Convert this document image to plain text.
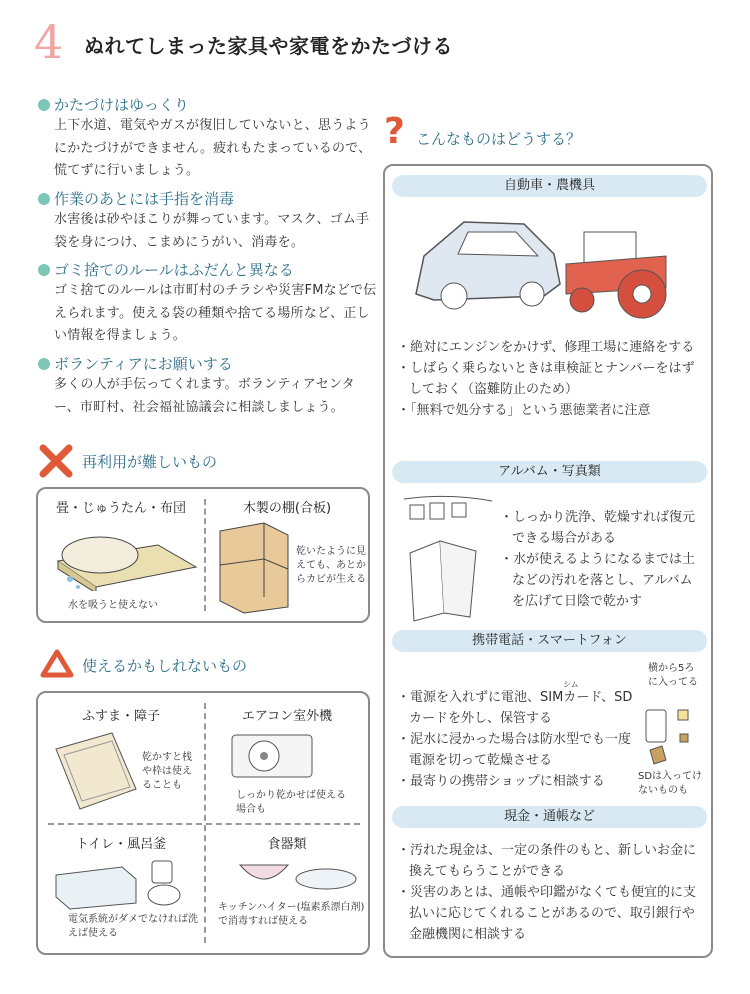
4 ぬれてしまった家具や家電をかたづける
かたづけはゆっくり

上下水道、電気やガスが復旧していないと、思うようにかたづけができません。疲れもたまっているので、慌てずに行いましょう。

作業のあとには手指を消毒

水害後は砂やほこりが舞っています。マスク、ゴム手袋を身につけ、こまめにうがい、消毒を。

ゴミ捨てのルールはふだんと異なる

ゴミ捨てのルールは市町村のチラシや災害FMなどで伝えられます。使える袋の種類や捨てる場所など、正しい情報を得ましょう。

ボランティアにお願いする

多くの人が手伝ってくれます。ボランティアセンター、市町村、社会福祉協議会に相談しましょう。

再利用が難しいもの
畳・じゅうたん・布団	木製の棚(合板)
水を吸うと使えない
乾いたように見えても、あとからカビが生える
使えるかもしれないもの
ふすま・障子	エアコン室外機
トイレ・風呂釜	食器類
乾かすと桟や枠は使えることも
しっかり乾かせば使える場合も
電気系統がダメでなければ洗えば使える
キッチンハイター(塩素系漂白剤)で消毒すれば使える
? こんなものはどうする？
自動車・農機具
・絶対にエンジンをかけず、修理工場に連絡をする
・しばらく乗らないときは車検証とナンバーをはずしておく（盗難防止のため）
・「無料で処分する」という悪徳業者に注意
アルバム・写真類
・しっかり洗浄、乾燥すれば復元できる場合がある
・水が使えるようになるまでは土などの汚れを落とし、アルバムを広げて日陰で乾かす
携帯電話・スマートフォン
シム
・電源を入れずに電池、SIMカード、SDカードを外し、保管する
・泥水に浸かった場合は防水型でも一度電源を切って乾燥させる
・最寄りの携帯ショップに相談する
横から5ろに入ってる
SDは入ってけないものも
現金・通帳など
・汚れた現金は、一定の条件のもと、新しいお金に換えてもらうことができる
・災害のあとは、通帳や印鑑がなくても便宜的に支払いに応じてくれることがあるので、取引銀行や金融機関に相談する
